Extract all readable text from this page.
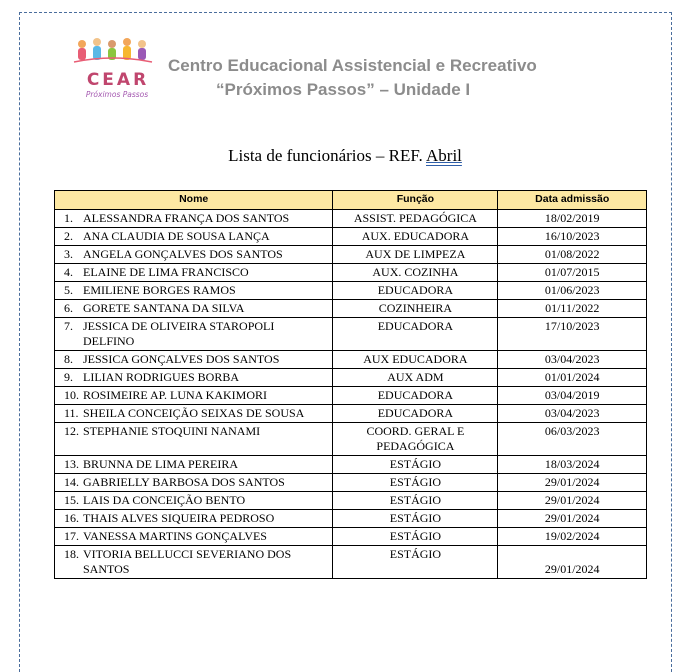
CEAR
Próximos Passos
Centro Educacional Assistencial e Recreativo
“Próximos Passos” – Unidade I
Lista de funcionários – REF. Abril
Nome	Função	Data admissão
1. ALESSANDRA FRANÇA DOS SANTOS	ASSIST. PEDAGÓGICA	18/02/2019
2. ANA CLAUDIA DE SOUSA LANÇA	AUX. EDUCADORA	16/10/2023
3. ANGELA GONÇALVES DOS SANTOS	AUX DE LIMPEZA	01/08/2022
4. ELAINE DE LIMA FRANCISCO	AUX. COZINHA	01/07/2015
5. EMILIENE BORGES RAMOS	EDUCADORA	01/06/2023
6. GORETE SANTANA DA SILVA	COZINHEIRA	01/11/2022
7. JESSICA DE OLIVEIRA STAROPOLI DELFINO	EDUCADORA	17/10/2023
8. JESSICA GONÇALVES DOS SANTOS	AUX EDUCADORA	03/04/2023
9. LILIAN RODRIGUES BORBA	AUX ADM	01/01/2024
10. ROSIMEIRE AP. LUNA KAKIMORI	EDUCADORA	03/04/2019
11. SHEILA CONCEIÇÃO SEIXAS DE SOUSA	EDUCADORA	03/04/2023
12. STEPHANIE STOQUINI NANAMI	COORD. GERAL E PEDAGÓGICA	06/03/2023
13. BRUNNA DE LIMA PEREIRA	ESTÁGIO	18/03/2024
14. GABRIELLY BARBOSA DOS SANTOS	ESTÁGIO	29/01/2024
15. LAIS DA CONCEIÇÃO BENTO	ESTÁGIO	29/01/2024
16. THAIS ALVES SIQUEIRA PEDROSO	ESTÁGIO	29/01/2024
17. VANESSA MARTINS GONÇALVES	ESTÁGIO	19/02/2024
18. VITORIA BELLUCCI SEVERIANO DOS SANTOS	ESTÁGIO	29/01/2024
